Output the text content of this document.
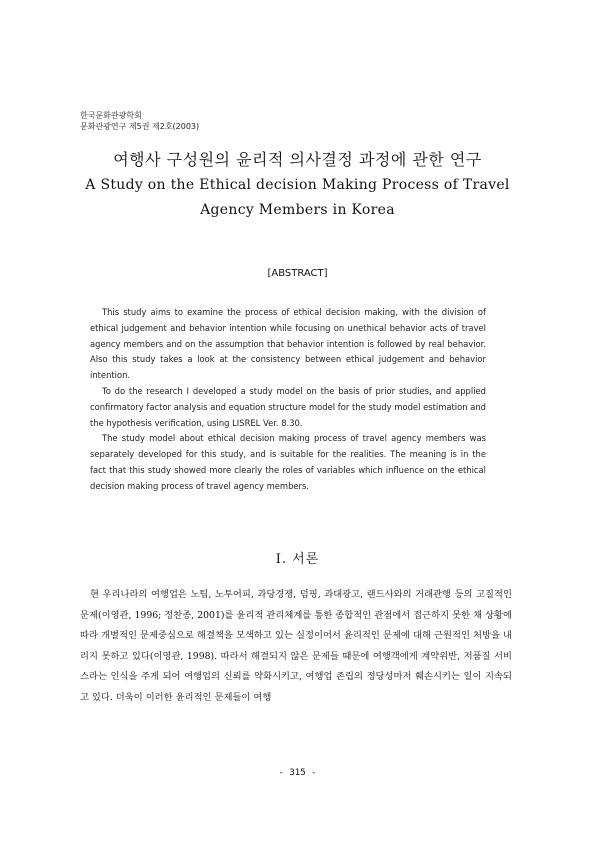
한국문화관광학회
문화관광연구 제5권 제2호(2003)
여행사 구성원의 윤리적 의사결정 과정에 관한 연구
A Study on the Ethical decision Making Process of Travel
Agency Members in Korea
[ABSTRACT]

This study aims to examine the process of ethical decision making, with the division of ethical judgement and behavior intention while focusing on unethical behavior acts of travel agency members and on the assumption that behavior intention is followed by real behavior. Also this study takes a look at the consistency between ethical judgement and behavior intention.

To do the research I developed a study model on the basis of prior studies, and applied confirmatory factor analysis and equation structure model for the study model estimation and the hypothesis verification, using LISREL Ver. 8.30.

The study model about ethical decision making process of travel agency members was separately developed for this study, and is suitable for the realities. The meaning is in the fact that this study showed more clearly the roles of variables which influence on the ethical decision making process of travel agency members.

Ⅰ. 서론

현 우리나라의 여행업은 노팁, 노투어피, 과당경쟁, 덤핑, 과대광고, 랜드사와의 거래관행 등의 고질적인 문제(이영관, 1996; 정찬종, 2001)를 윤리적 관리체계를 통한 종합적인 관점에서 접근하지 못한 채 상황에 따라 개별적인 문제중심으로 해결책을 모색하고 있는 실정이어서 윤리적인 문제에 대해 근원적인 처방을 내리지 못하고 있다(이영관, 1998). 따라서 해결되지 않은 문제들 때문에 여행객에게 계약위반, 저품질 서비스라는 인식을 주게 되어 여행업의 신뢰를 약화시키고, 여행업 존립의 정당성마저 훼손시키는 일이 지속되고 있다. 더욱이 이러한 윤리적인 문제들이 여행

- 315 -
